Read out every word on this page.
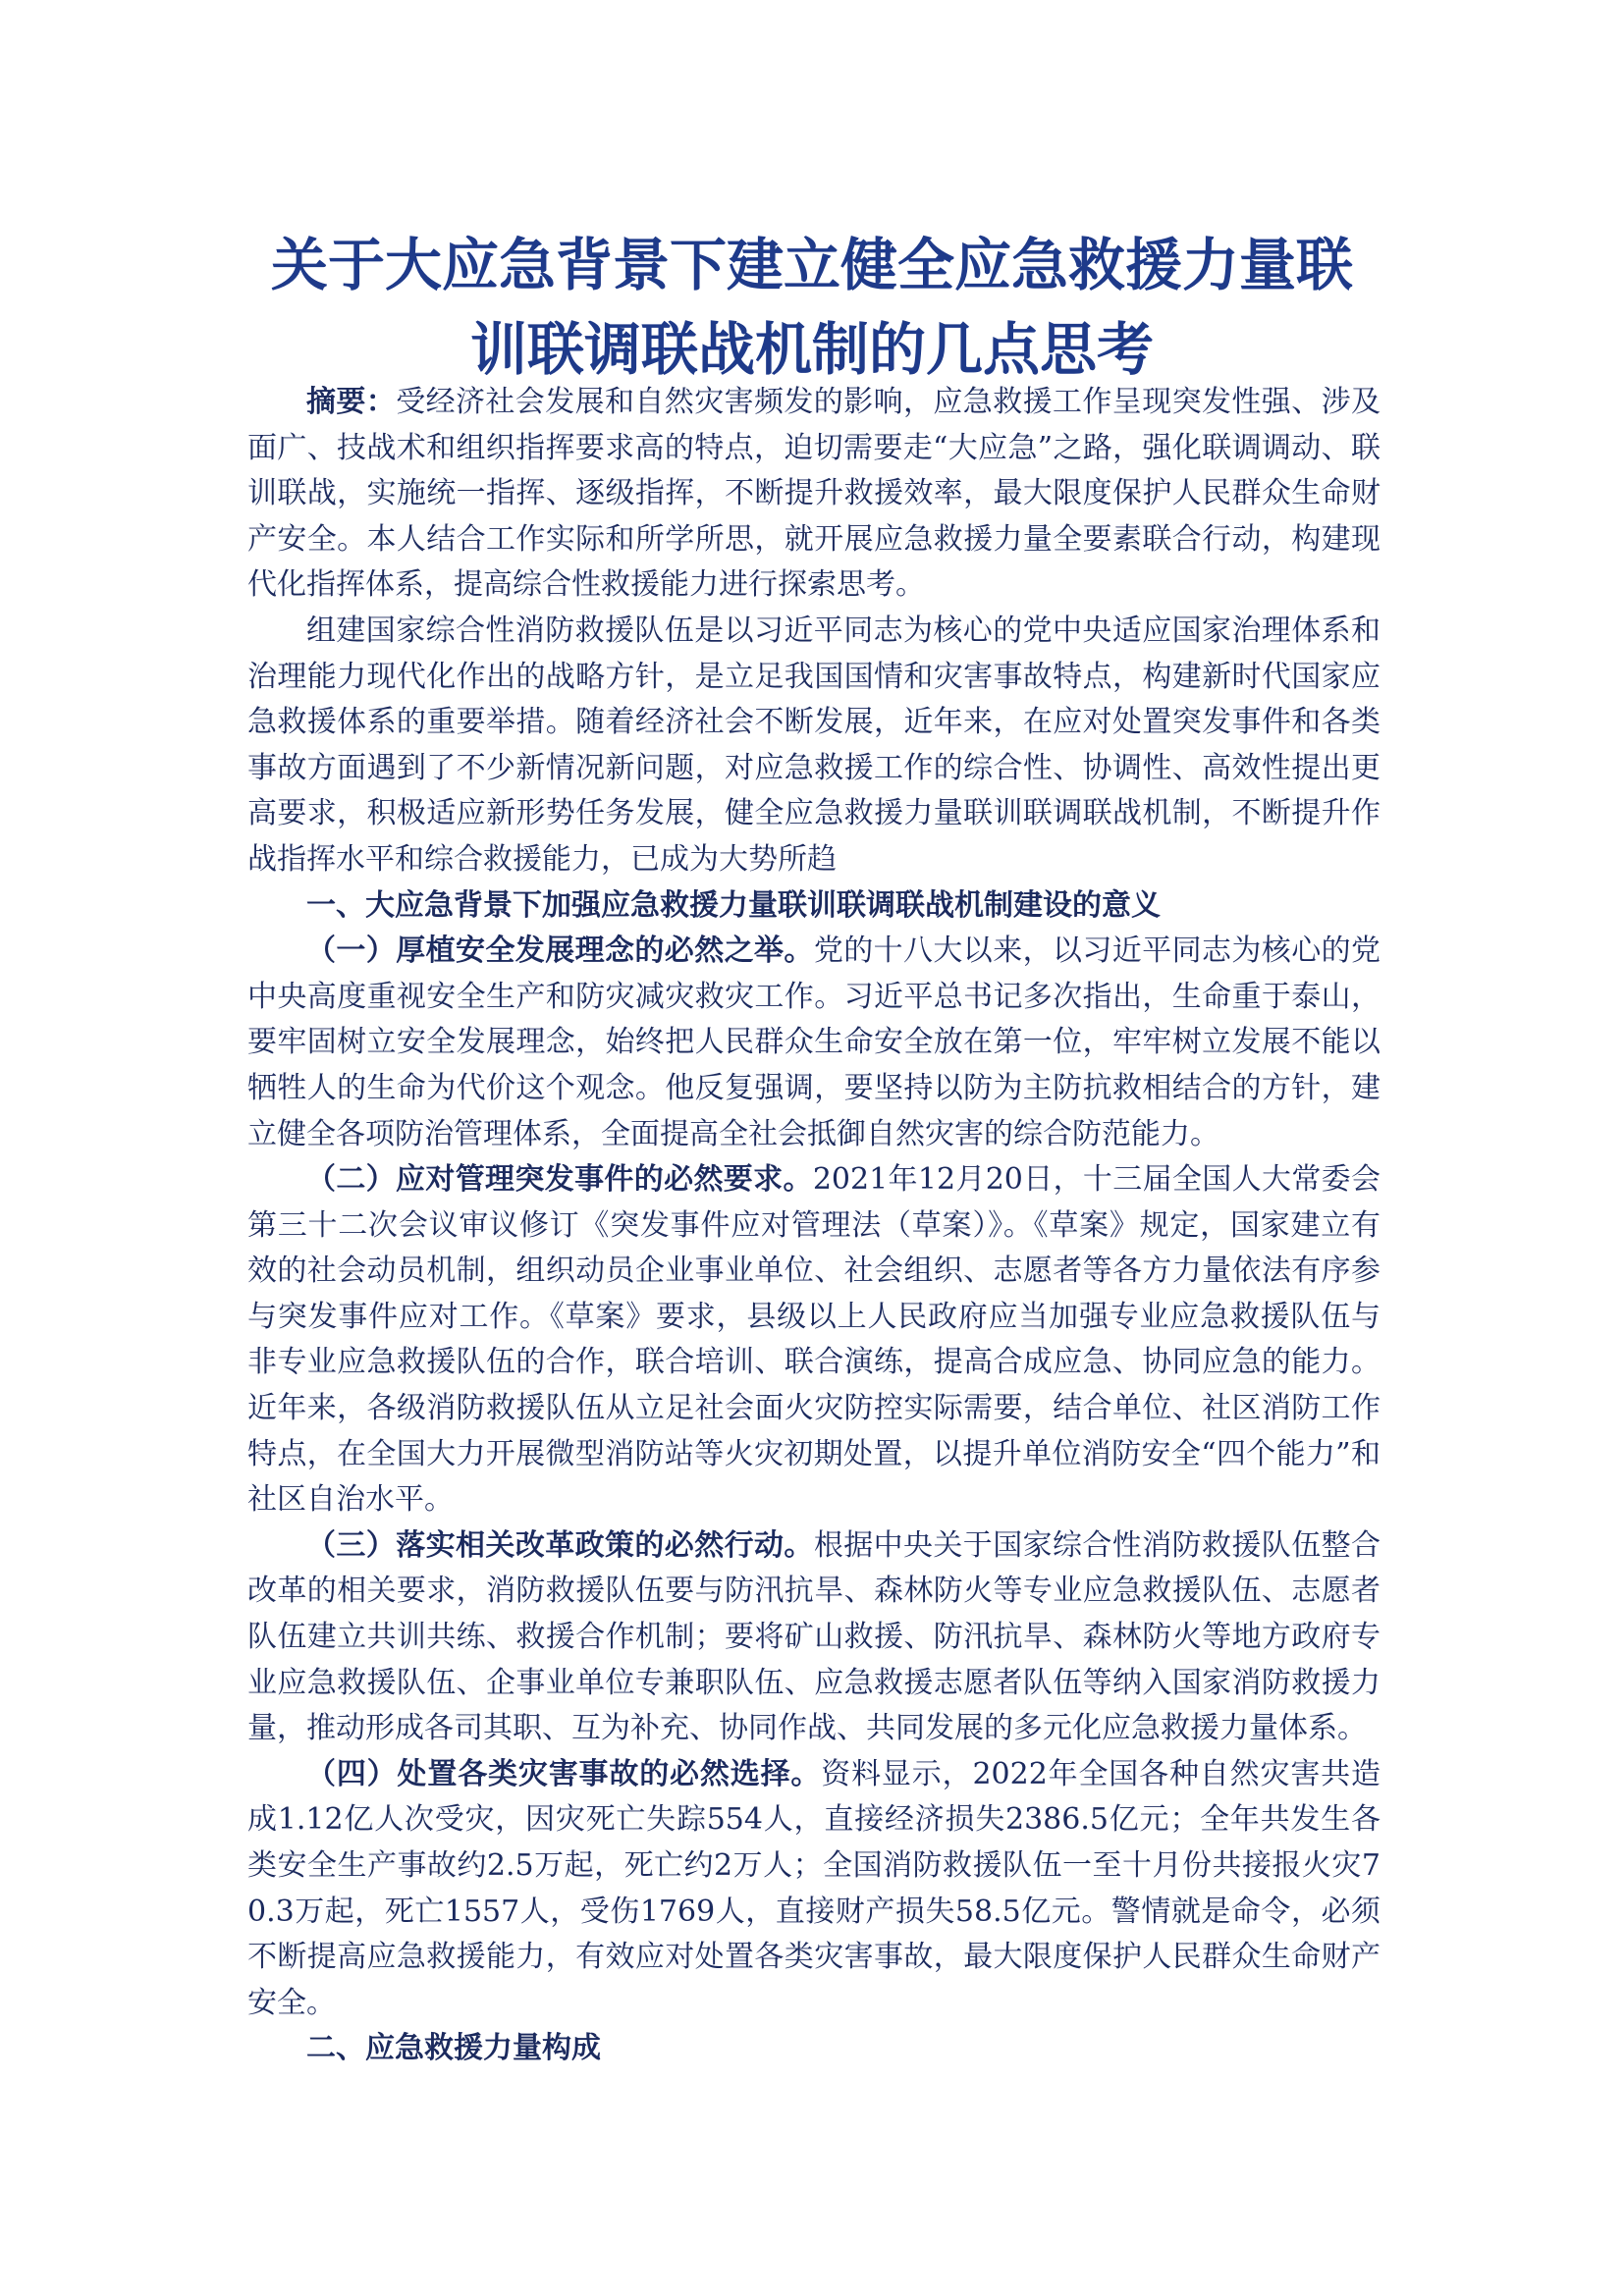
关于大应急背景下建立健全应急救援力量联
训联调联战机制的几点思考

摘要：受经济社会发展和自然灾害频发的影响，应急救援工作呈现突发性强、涉及面广、技战术和组织指挥要求高的特点，迫切需要走“大应急”之路，强化联调调动、联训联战，实施统一指挥、逐级指挥，不断提升救援效率，最大限度保护人民群众生命财产安全。本人结合工作实际和所学所思，就开展应急救援力量全要素联合行动，构建现代化指挥体系，提高综合性救援能力进行探索思考。

组建国家综合性消防救援队伍是以习近平同志为核心的党中央适应国家治理体系和治理能力现代化作出的战略方针，是立足我国国情和灾害事故特点，构建新时代国家应急救援体系的重要举措。随着经济社会不断发展，近年来，在应对处置突发事件和各类事故方面遇到了不少新情况新问题，对应急救援工作的综合性、协调性、高效性提出更高要求，积极适应新形势任务发展，健全应急救援力量联训联调联战机制，不断提升作战指挥水平和综合救援能力，已成为大势所趋

一、大应急背景下加强应急救援力量联训联调联战机制建设的意义

（一）厚植安全发展理念的必然之举。党的十八大以来，以习近平同志为核心的党中央高度重视安全生产和防灾减灾救灾工作。习近平总书记多次指出，生命重于泰山，要牢固树立安全发展理念，始终把人民群众生命安全放在第一位，牢牢树立发展不能以牺牲人的生命为代价这个观念。他反复强调，要坚持以防为主防抗救相结合的方针，建立健全各项防治管理体系，全面提高全社会抵御自然灾害的综合防范能力。

（二）应对管理突发事件的必然要求。2021年12月20日，十三届全国人大常委会第三十二次会议审议修订《突发事件应对管理法（草案）》。《草案》规定，国家建立有效的社会动员机制，组织动员企业事业单位、社会组织、志愿者等各方力量依法有序参与突发事件应对工作。《草案》要求，县级以上人民政府应当加强专业应急救援队伍与非专业应急救援队伍的合作，联合培训、联合演练，提高合成应急、协同应急的能力。近年来，各级消防救援队伍从立足社会面火灾防控实际需要，结合单位、社区消防工作特点，在全国大力开展微型消防站等火灾初期处置，以提升单位消防安全“四个能力”和社区自治水平。

（三）落实相关改革政策的必然行动。根据中央关于国家综合性消防救援队伍整合改革的相关要求，消防救援队伍要与防汛抗旱、森林防火等专业应急救援队伍、志愿者队伍建立共训共练、救援合作机制；要将矿山救援、防汛抗旱、森林防火等地方政府专业应急救援队伍、企事业单位专兼职队伍、应急救援志愿者队伍等纳入国家消防救援力量，推动形成各司其职、互为补充、协同作战、共同发展的多元化应急救援力量体系。

（四）处置各类灾害事故的必然选择。资料显示，2022年全国各种自然灾害共造成1.12亿人次受灾，因灾死亡失踪554人，直接经济损失2386.5亿元；全年共发生各类安全生产事故约2.5万起，死亡约2万人；全国消防救援队伍一至十月份共接报火灾70.3万起，死亡1557人，受伤1769人，直接财产损失58.5亿元。警情就是命令，必须不断提高应急救援能力，有效应对处置各类灾害事故，最大限度保护人民群众生命财产安全。

二、应急救援力量构成
